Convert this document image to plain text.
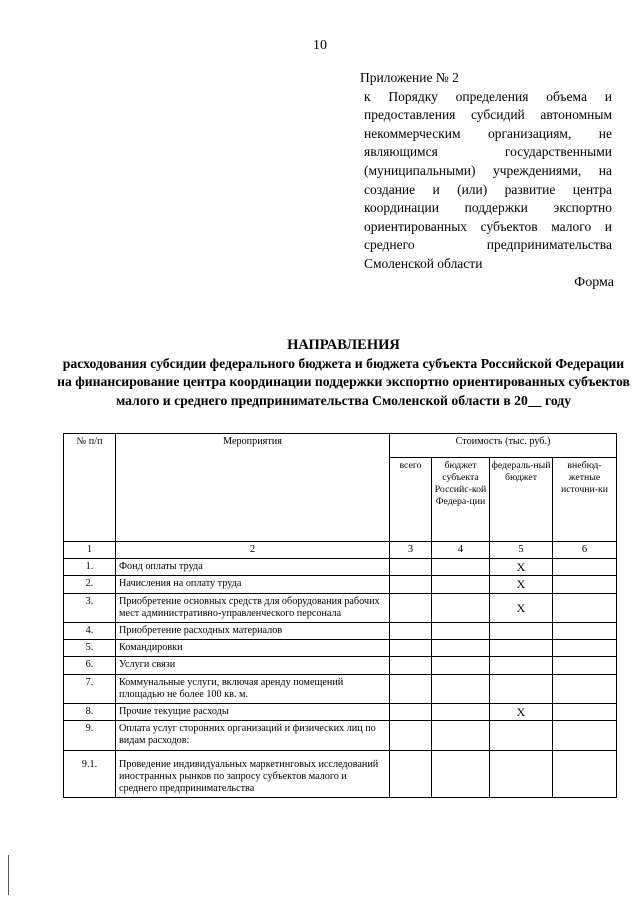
10
Приложение № 2
к Порядку определения объема и предоставления субсидий автономным некоммерческим организациям, не являющимся государственными (муниципальными) учреждениями, на создание и (или) развитие центра координации поддержки экспортно ориентированных субъектов малого и среднего предпринимательства Смоленской области
Форма
НАПРАВЛЕНИЯ
расходования субсидии федерального бюджета и бюджета субъекта Российской Федерации на финансирование центра координации поддержки экспортно ориентированных субъектов малого и среднего предпринимательства Смоленской области в 20__ году
№ п/п	Мероприятия	Стоимость (тыс. руб.)			
		всего	бюджет субъекта Российс-кой Федера-ции	федераль-ный бюджет	внебюд-жетные источни-ки
1	2	3	4	5	6
1.	Фонд оплаты труда			Х	
2.	Начисления на оплату труда			Х	
3.	Приобретение основных средств для оборудования рабочих мест административно-управленческого персонала			Х	
4.	Приобретение расходных материалов				
5.	Командировки				
6.	Услуги связи				
7.	Коммунальные услуги, включая аренду помещений площадью не более 100 кв. м.				
8.	Прочие текущие расходы			Х	
9.	Оплата услуг сторонних организаций и физических лиц по видам расходов:				
9.1.	Проведение индивидуальных маркетинговых исследований иностранных рынков по запросу субъектов малого и среднего предпринимательства				
